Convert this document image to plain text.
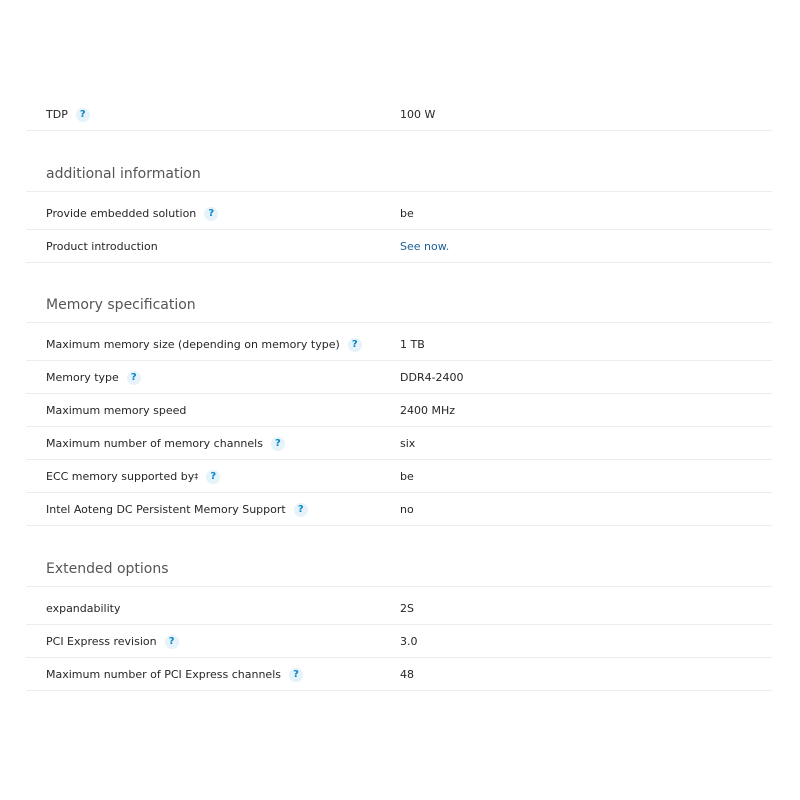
TDP	?	100 W
additional information
Provide embedded solution	?	be
Product introduction	See now.
Memory specification
Maximum memory size (depending on memory type)	?	1 TB
Memory type	?	DDR4-2400
Maximum memory speed	2400 MHz
Maximum number of memory channels	?	six
ECC memory supported by ‡	?	be
Intel Aoteng DC Persistent Memory Support	?	no
Extended options
expandability	2S
PCI Express revision	?	3.0
Maximum number of PCI Express channels	?	48
